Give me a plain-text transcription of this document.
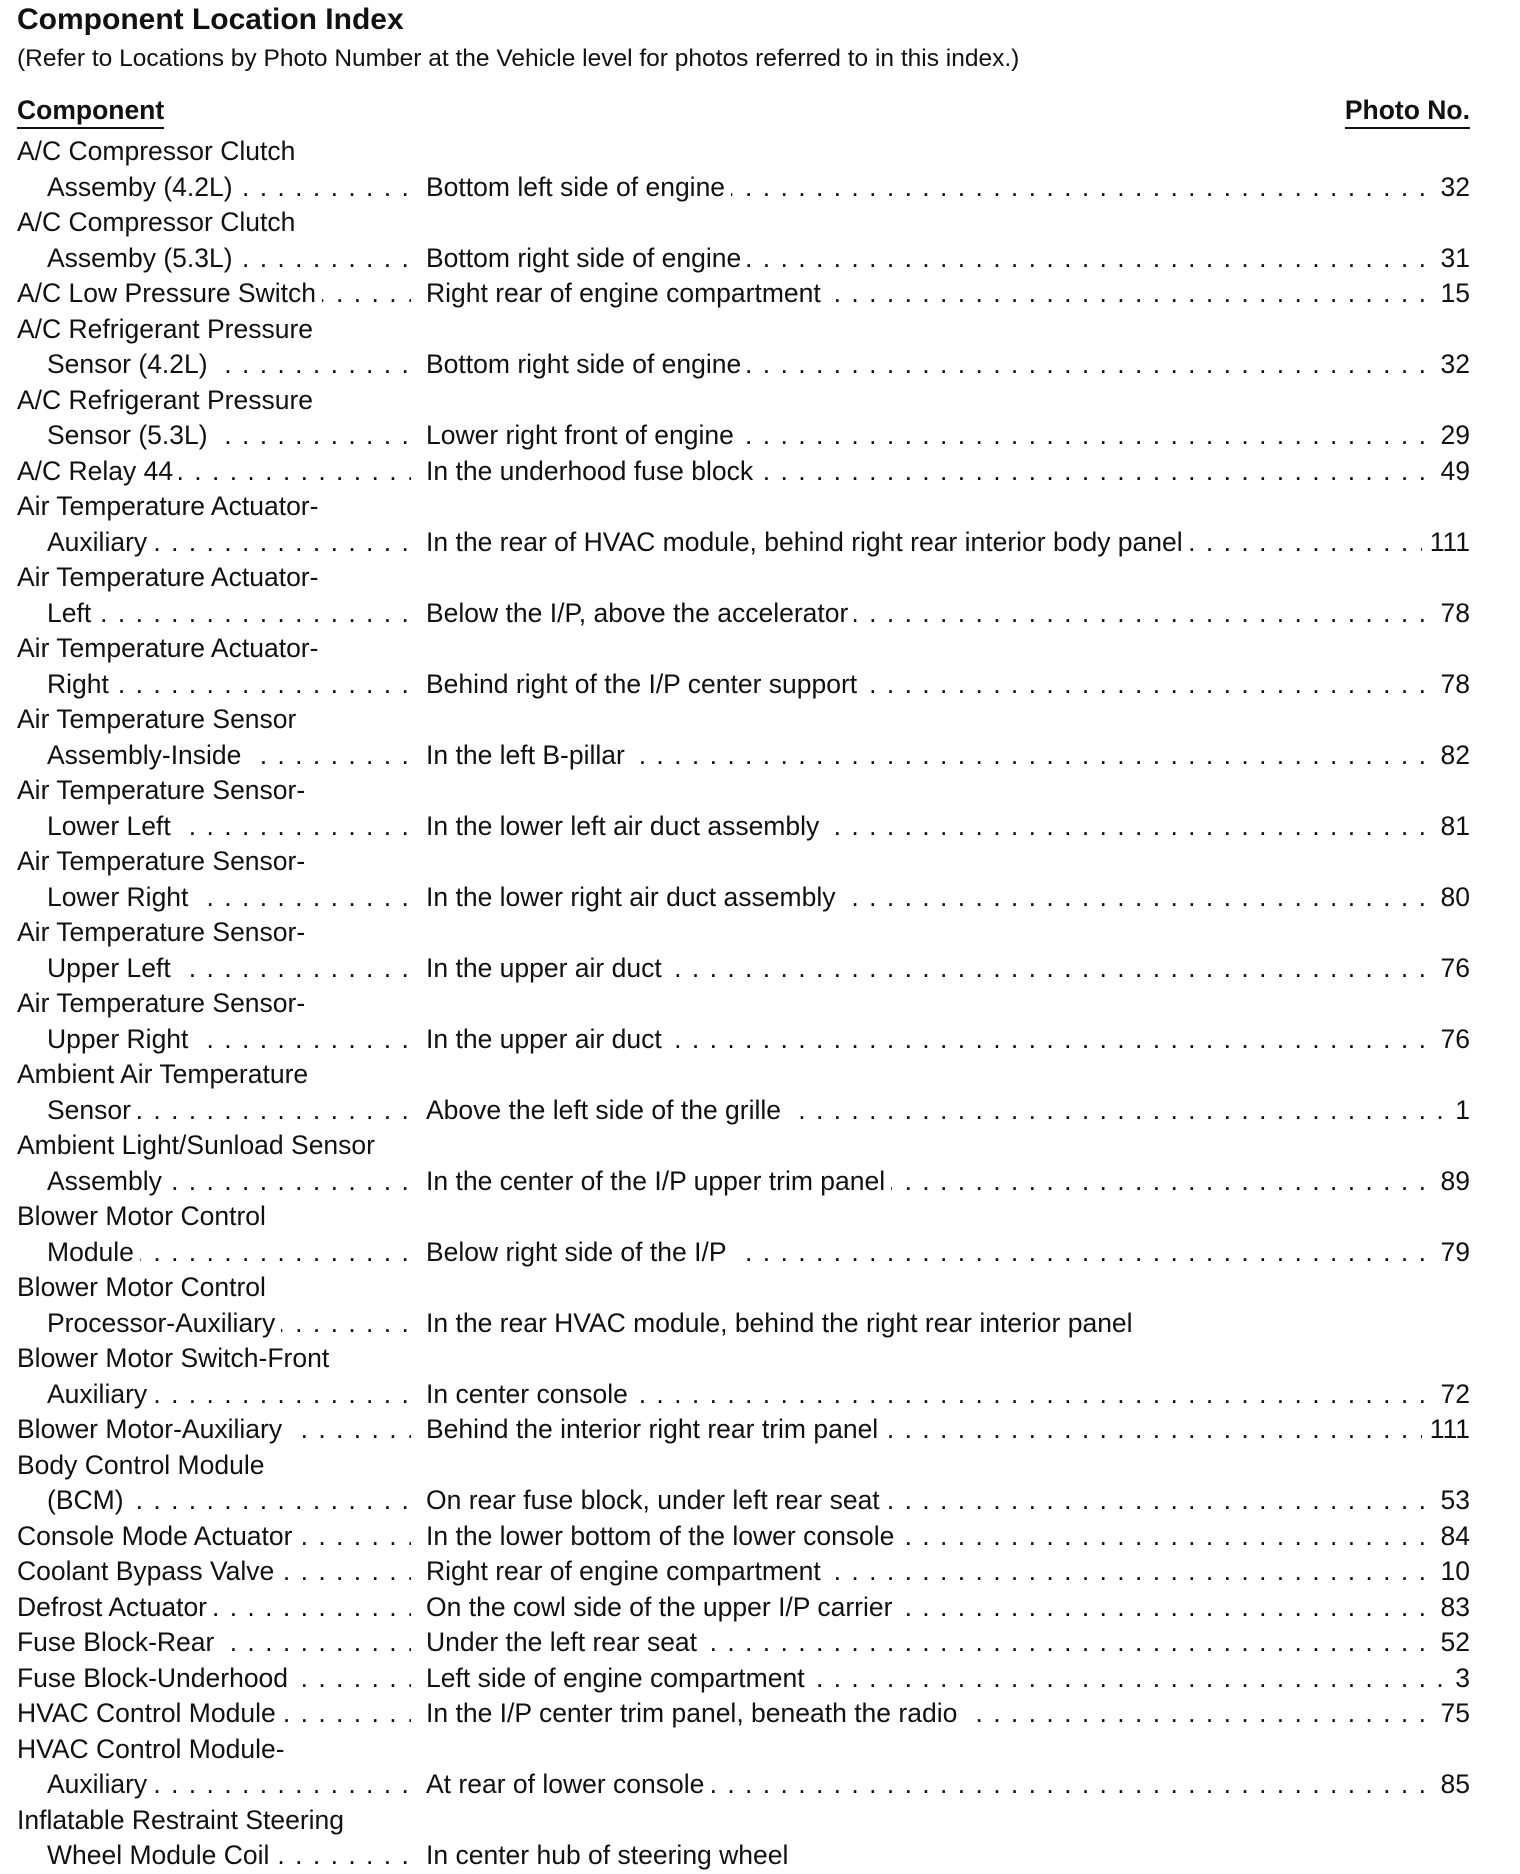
Component Location Index
(Refer to Locations by Photo Number at the Vehicle level for photos referred to in this index.)
Component	Photo No.
A/C Compressor Clutch
Assemby (4.2L) . . .	Bottom left side of engine . . .	32
A/C Compressor Clutch
Assemby (5.3L) . . .	Bottom right side of engine . . .	31
A/C Low Pressure Switch . . .	Right rear of engine compartment . . .	15
A/C Refrigerant Pressure
Sensor (4.2L) . . .	Bottom right side of engine . . .	32
A/C Refrigerant Pressure
Sensor (5.3L) . . .	Lower right front of engine . . .	29
A/C Relay 44 . . .	In the underhood fuse block . . .	49
Air Temperature Actuator-
Auxiliary . . .	In the rear of HVAC module, behind right rear interior body panel . . .	111
Air Temperature Actuator-
Left . . .	Below the I/P, above the accelerator . . .	78
Air Temperature Actuator-
Right . . .	Behind right of the I/P center support . . .	78
Air Temperature Sensor
Assembly-Inside . . .	In the left B-pillar . . .	82
Air Temperature Sensor-
Lower Left . . .	In the lower left air duct assembly . . .	81
Air Temperature Sensor-
Lower Right . . .	In the lower right air duct assembly . . .	80
Air Temperature Sensor-
Upper Left . . .	In the upper air duct . . .	76
Air Temperature Sensor-
Upper Right . . .	In the upper air duct . . .	76
Ambient Air Temperature
Sensor . . .	Above the left side of the grille . . .	1
Ambient Light/Sunload Sensor
Assembly . . .	In the center of the I/P upper trim panel . . .	89
Blower Motor Control
Module . . .	Below right side of the I/P . . .	79
Blower Motor Control
Processor-Auxiliary . . .	In the rear HVAC module, behind the right rear interior panel
Blower Motor Switch-Front
Auxiliary . . .	In center console . . .	72
Blower Motor-Auxiliary . . .	Behind the interior right rear trim panel . . .	111
Body Control Module
(BCM) . . .	On rear fuse block, under left rear seat . . .	53
Console Mode Actuator . . .	In the lower bottom of the lower console . . .	84
Coolant Bypass Valve . . .	Right rear of engine compartment . . .	10
Defrost Actuator . . .	On the cowl side of the upper I/P carrier . . .	83
Fuse Block-Rear . . .	Under the left rear seat . . .	52
Fuse Block-Underhood . . .	Left side of engine compartment . . .	3
HVAC Control Module . . .	In the I/P center trim panel, beneath the radio . . .	75
HVAC Control Module-
Auxiliary . . .	At rear of lower console . . .	85
Inflatable Restraint Steering
Wheel Module Coil . . .	In center hub of steering wheel
